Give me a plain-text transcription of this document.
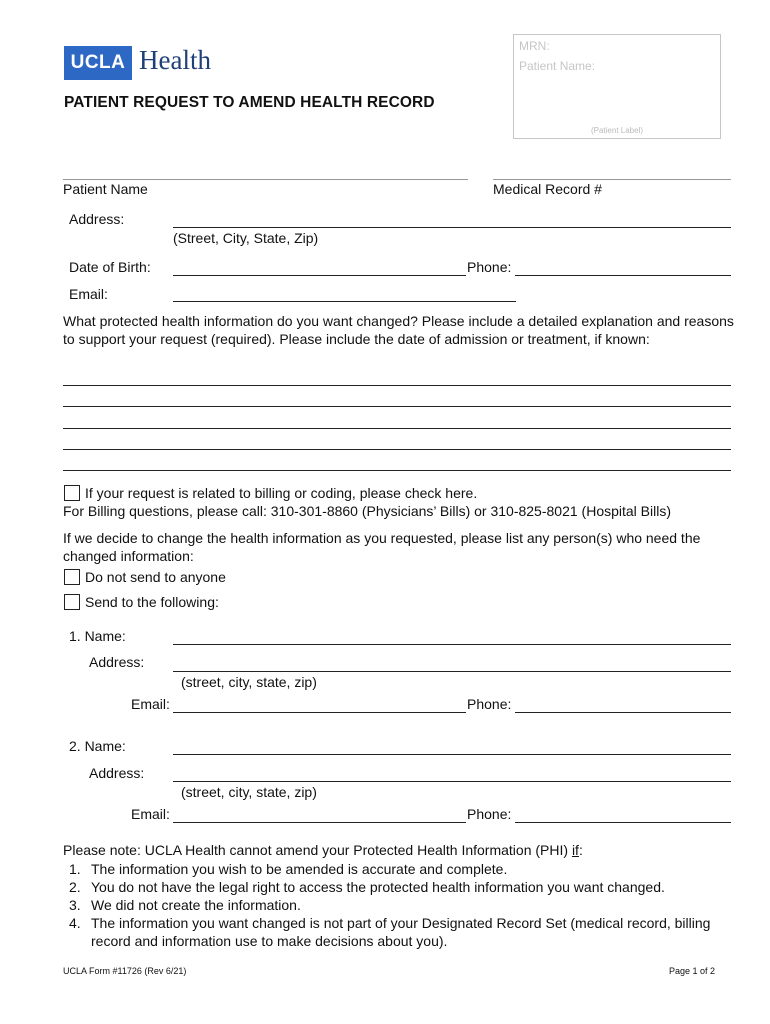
UCLA Health
PATIENT REQUEST TO AMEND HEALTH RECORD
MRN:
Patient Name:
(Patient Label)
Patient Name	Medical Record #
Address:
(Street, City, State, Zip)
Date of Birth:	Phone:
Email:
What protected health information do you want changed? Please include a detailed explanation and reasons to support your request (required). Please include the date of admission or treatment, if known:
If your request is related to billing or coding, please check here.
For Billing questions, please call: 310-301-8860 (Physicians’ Bills) or 310-825-8021 (Hospital Bills)
If we decide to change the health information as you requested, please list any person(s) who need the changed information:
Do not send to anyone
Send to the following:
1. Name:
Address:
(street, city, state, zip)
Email:	Phone:
2. Name:
Address:
(street, city, state, zip)
Email:	Phone:
Please note: UCLA Health cannot amend your Protected Health Information (PHI) if:
1. The information you wish to be amended is accurate and complete.
2. You do not have the legal right to access the protected health information you want changed.
3. We did not create the information.
4. The information you want changed is not part of your Designated Record Set (medical record, billing record and information use to make decisions about you).
UCLA Form #11726 (Rev 6/21)	Page 1 of 2
